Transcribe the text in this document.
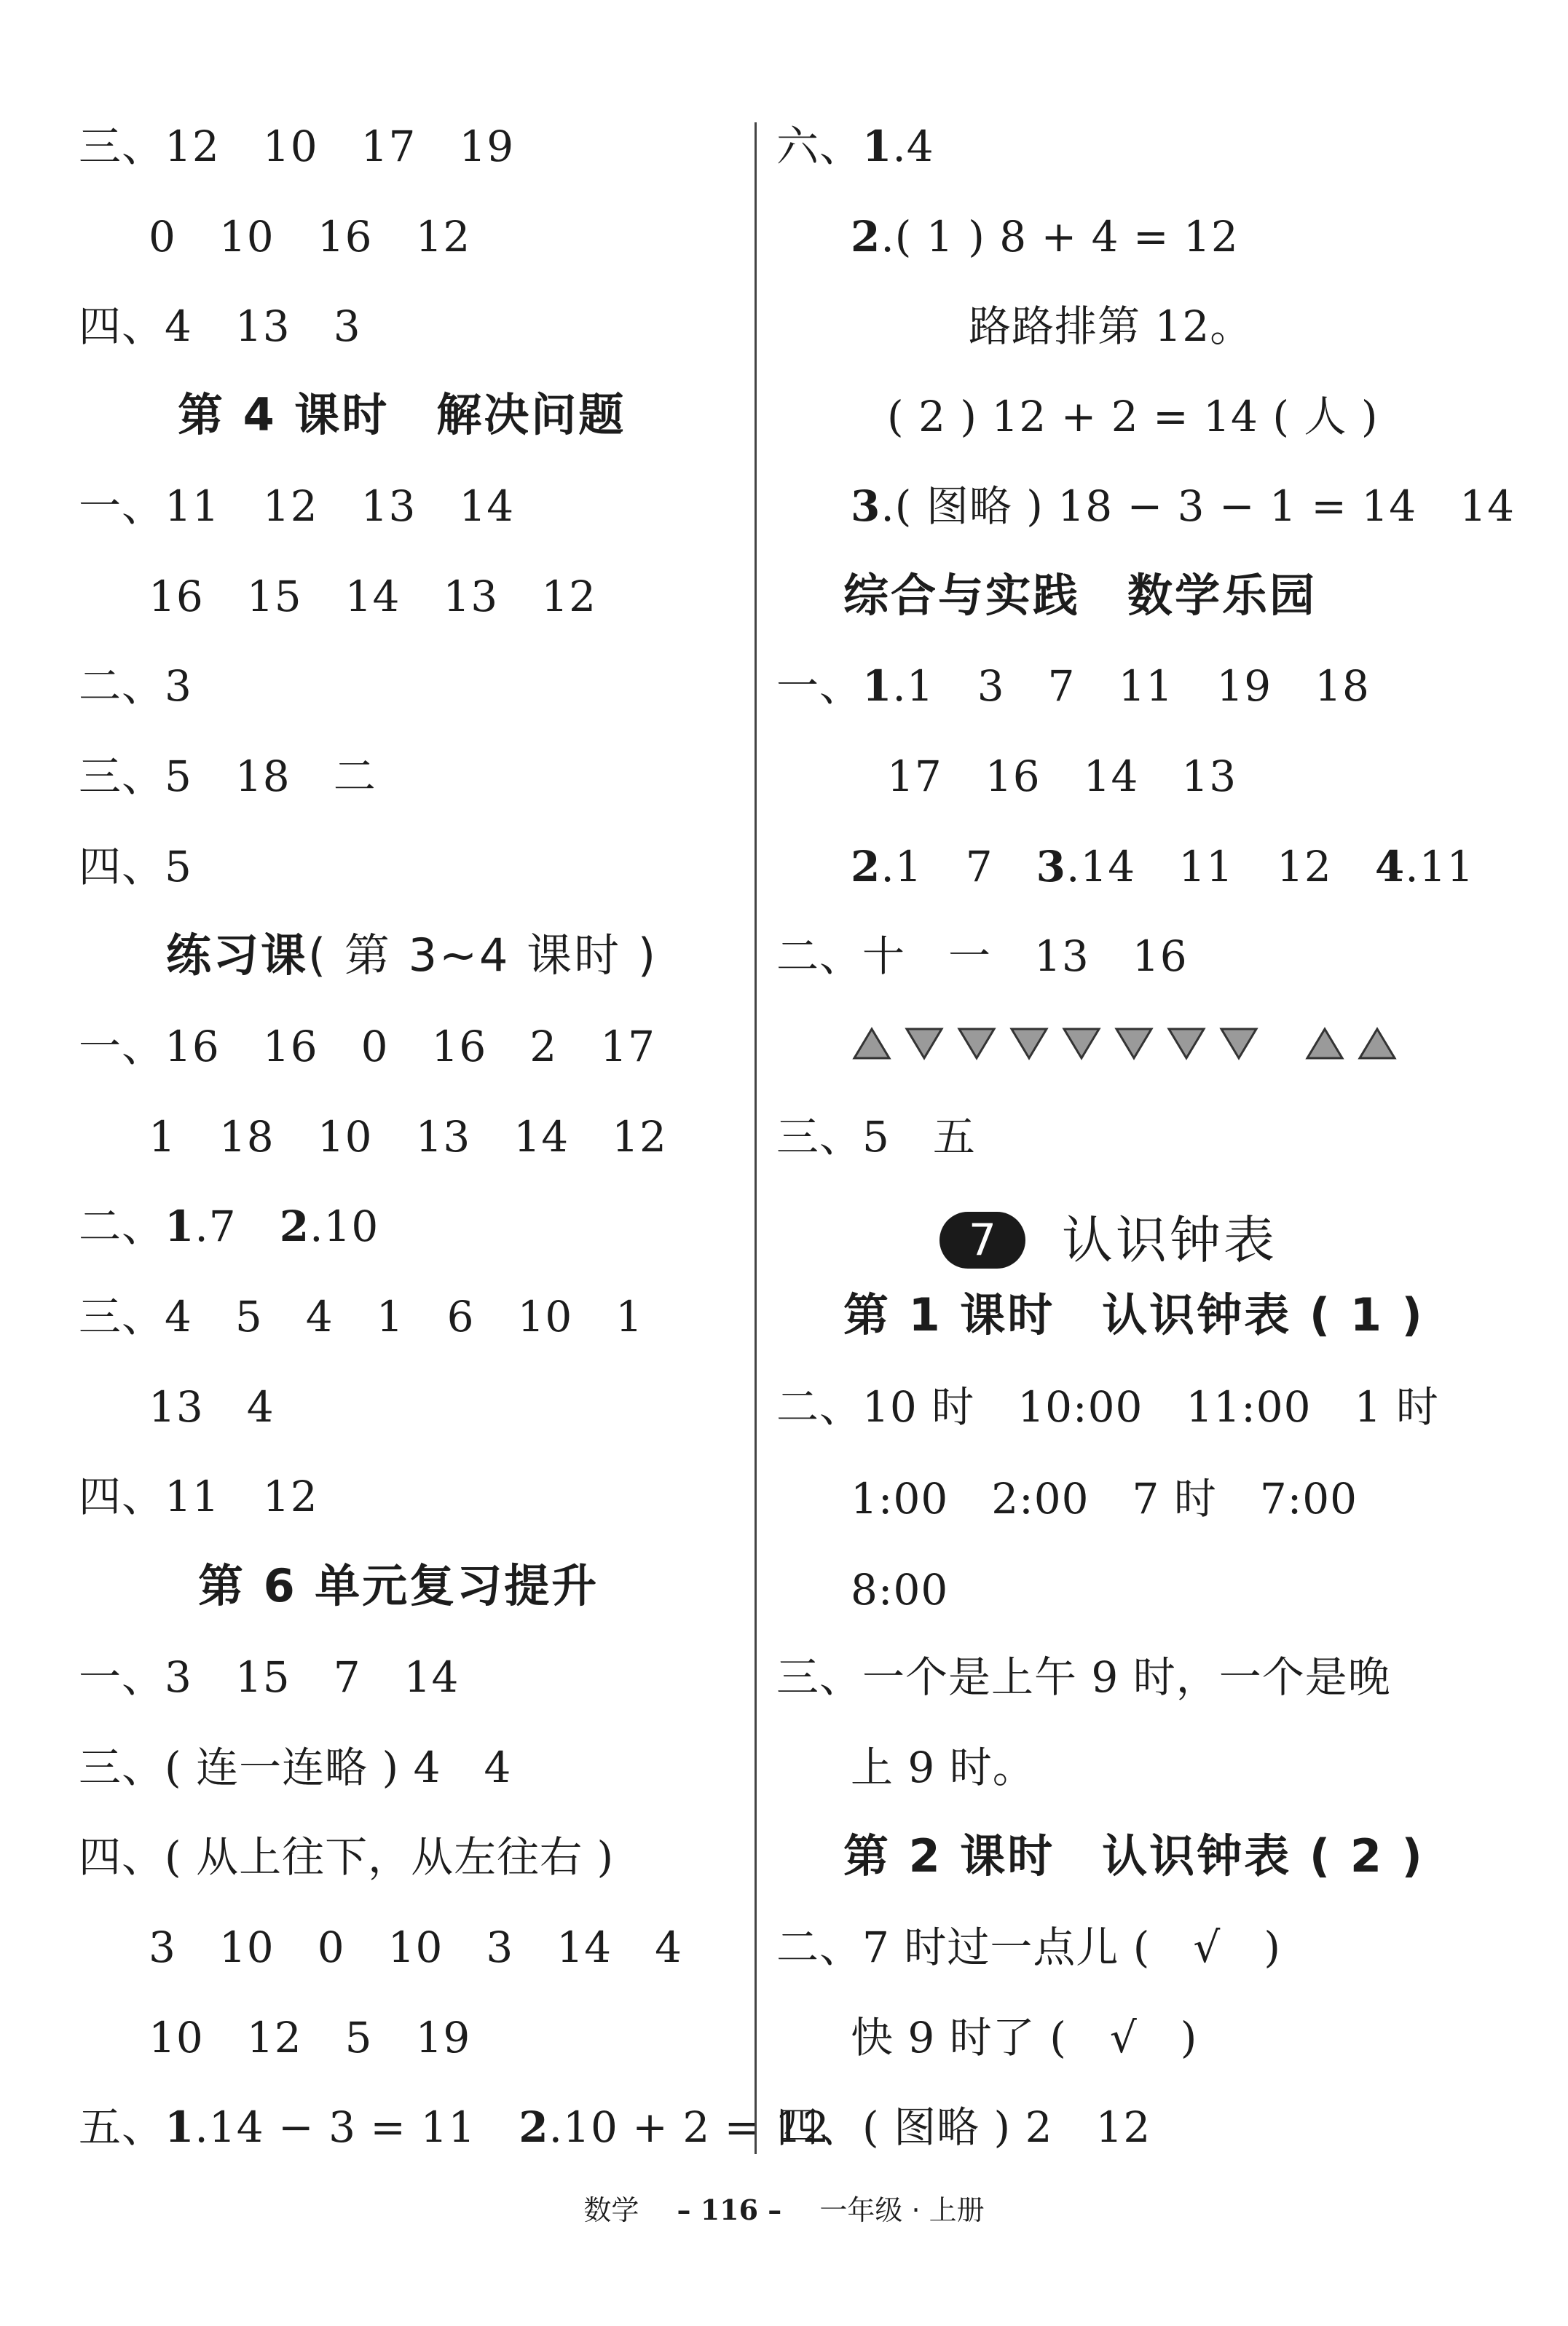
三、12　10　17　19
0　10　16　12
四、4　13　3
第 4 课时　解决问题
一、11　12　13　14
16　15　14　13　12
二、3
三、5　18　二
四、5
练习课( 第 3~4 课时 )
一、16　16　0　16　2　17
1　18　10　13　14　12
二、1.7　2.10
三、4　5　4　1　6　10　1
13　4
四、11　12
第 6 单元复习提升
一、3　15　7　14
三、( 连一连略 ) 4　4
四、( 从上往下，从左往右 )
3　10　0　10　3　14　4
10　12　5　19
五、1.14 − 3 = 11　2.10 + 2 = 12
六、1.4
2.( 1 ) 8 + 4 = 12
路路排第 12。
( 2 ) 12 + 2 = 14 ( 人 )
3.( 图略 ) 18 − 3 − 1 = 14　14
综合与实践　数学乐园
一、1.1　3　7　11　19　18
17　16　14　13
2.1　7　3.14　11　12　4.11
二、十　一　13　16
三、5　五
第 1 课时　认识钟表 ( 1 )
二、10 时　10:00　11:00　1 时
1:00　2:00　7 时　7:00
8:00
三、一个是上午 9 时，一个是晚
上 9 时。
第 2 课时　认识钟表 ( 2 )
二、7 时过一点儿 (　√　)
快 9 时了 (　√　)
四、( 图略 ) 2　12
7	认识钟表
数学 – 116 – 一年级 · 上册
